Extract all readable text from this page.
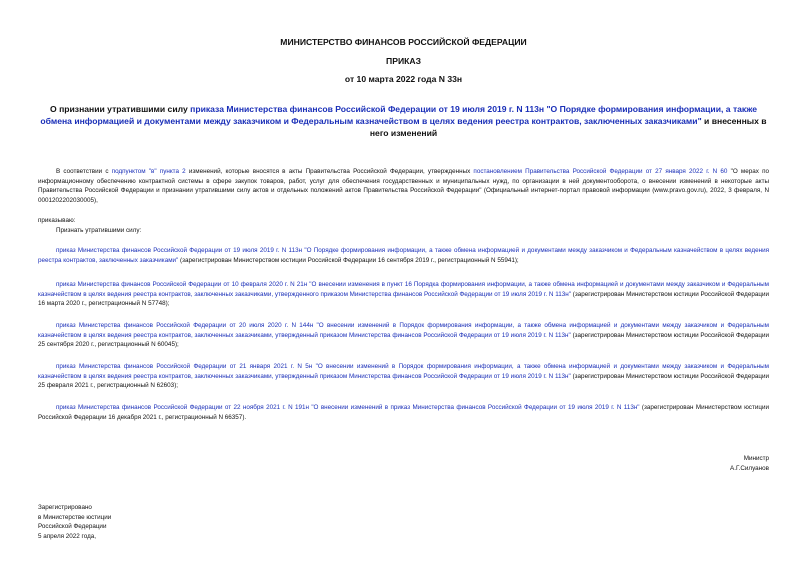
МИНИСТЕРСТВО ФИНАНСОВ РОССИЙСКОЙ ФЕДЕРАЦИИ
ПРИКАЗ
от 10 марта 2022 года N 33н
О признании утратившими силу приказа Министерства финансов Российской Федерации от 19 июля 2019 г. N 113н "О Порядке формирования информации, а также обмена информацией и документами между заказчиком и Федеральным казначейством в целях ведения реестра контрактов, заключенных заказчиками" и внесенных в него изменений
В соответствии с подпунктом "в" пункта 2 изменений, которые вносятся в акты Правительства Российской Федерации, утвержденных постановлением Правительства Российской Федерации от 27 января 2022 г. N 60 "О мерах по информационному обеспечению контрактной системы в сфере закупок товаров, работ, услуг для обеспечения государственных и муниципальных нужд, по организации в ней документооборота, о внесении изменений в некоторые акты Правительства Российской Федерации и признании утратившими силу актов и отдельных положений актов Правительства Российской Федерации" (Официальный интернет-портал правовой информации (www.pravo.gov.ru), 2022, 3 февраля, N 0001202202030005),
приказываю:
Признать утратившими силу:
приказ Министерства финансов Российской Федерации от 19 июля 2019 г. N 113н "О Порядке формирования информации, а также обмена информацией и документами между заказчиком и Федеральным казначейством в целях ведения реестра контрактов, заключенных заказчиками" (зарегистрирован Министерством юстиции Российской Федерации 16 сентября 2019 г., регистрационный N 55941);
приказ Министерства финансов Российской Федерации от 10 февраля 2020 г. N 21н "О внесении изменения в пункт 16 Порядка формирования информации, а также обмена информацией и документами между заказчиком и Федеральным казначейством в целях ведения реестра контрактов, заключенных заказчиками, утвержденного приказом Министерства финансов Российской Федерации от 19 июля 2019 г. N 113н" (зарегистрирован Министерством юстиции Российской Федерации 16 марта 2020 г., регистрационный N 57748);
приказ Министерства финансов Российской Федерации от 20 июля 2020 г. N 144н "О внесении изменений в Порядок формирования информации, а также обмена информацией и документами между заказчиком и Федеральным казначейством в целях ведения реестра контрактов, заключенных заказчиками, утвержденный приказом Министерства финансов Российской Федерации от 19 июля 2019 г. N 113н" (зарегистрирован Министерством юстиции Российской Федерации 25 сентября 2020 г., регистрационный N 60045);
приказ Министерства финансов Российской Федерации от 21 января 2021 г. N 5н "О внесении изменений в Порядок формирования информации, а также обмена информацией и документами между заказчиком и Федеральным казначейством в целях ведения реестра контрактов, заключенных заказчиками, утвержденный приказом Министерства финансов Российской Федерации от 19 июля 2019 г. N 113н" (зарегистрирован Министерством юстиции Российской Федерации 25 февраля 2021 г., регистрационный N 62603);
приказ Министерства финансов Российской Федерации от 22 ноября 2021 г. N 191н "О внесении изменений в приказ Министерства финансов Российской Федерации от 19 июля 2019 г. N 113н" (зарегистрирован Министерством юстиции Российской Федерации 16 декабря 2021 г., регистрационный N 66357).
Министр
А.Г.Силуанов
Зарегистрировано
в Министерстве юстиции
Российской Федерации
5 апреля 2022 года,
